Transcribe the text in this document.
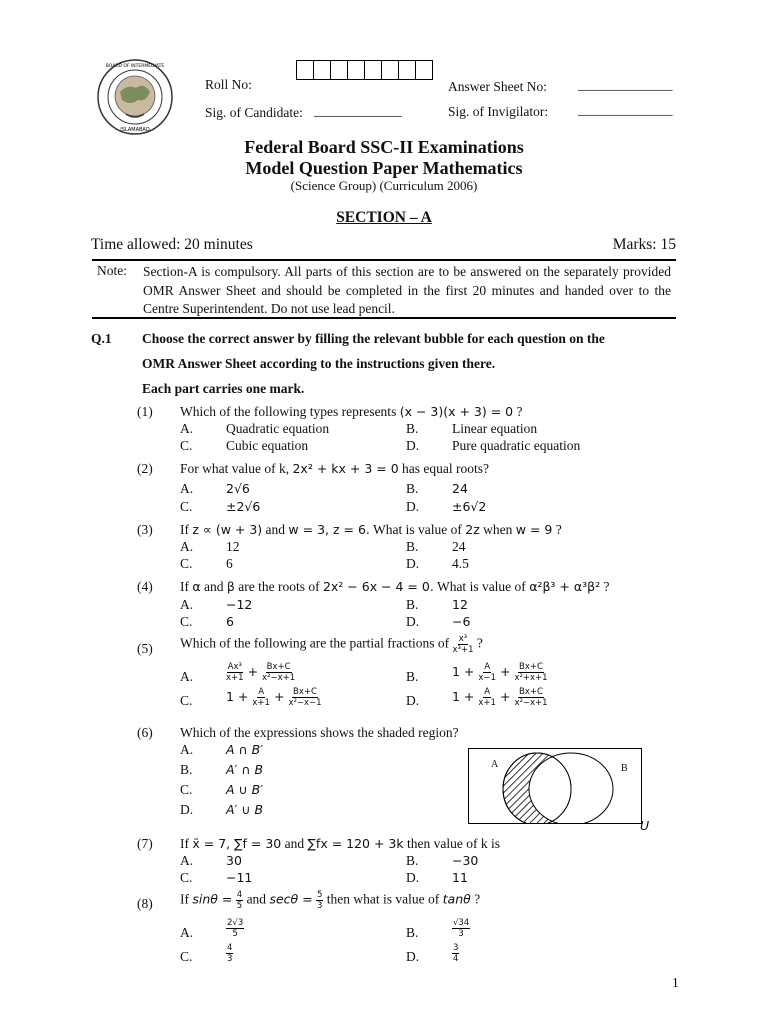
BOARD OF INTERMEDIATE
ISLAMABAD
Roll No:
Sig. of Candidate: _____________
Answer Sheet No: ______________
Sig. of Invigilator: ______________
Federal Board SSC-II Examinations
Model Question Paper Mathematics
(Science Group) (Curriculum 2006)
SECTION – A
Time allowed: 20 minutes	Marks: 15
Note: Section-A is compulsory. All parts of this section are to be answered on the separately provided OMR Answer Sheet and should be completed in the first 20 minutes and handed over to the Centre Superintendent. Do not use lead pencil.
Q.1 Choose the correct answer by filling the relevant bubble for each question on the
OMR Answer Sheet according to the instructions given there.
Each part carries one mark.
(1) Which of the following types represents (x − 3)(x + 3) = 0 ?
A. Quadratic equation	B. Linear equation
C. Cubic equation	D. Pure quadratic equation
(2) For what value of k, 2x² + kx + 3 = 0 has equal roots?
A.	2√6	B.	24
C.	±2√6	D.	±6√2
(3) If z ∝ (w + 3) and w = 3, z = 6. What is value of 2z when w = 9 ?
A. 12	B. 24
C. 6	D. 4.5
(4) If α and β are the roots of 2x² − 6x − 4 = 0. What is value of α²β³ + α³β² ?
A.	−12	B.	12
C.	6	D.	−6
(5) Which of the following are the partial fractions of $\frac{\text{x³}}{\text{x³+1}}$ ?
A.	$\frac{\text{Ax³}}{x+1} + \frac{Bx+C}{\text{x²−x+1}}$	B.	$1 + \frac{A}{x-1} + \frac{Bx+C}{\text{x²+x+1}}$
C.	$1 + \frac{A}{x+1} + \frac{Bx+C}{\text{x²−x−1}}$	D.	$1 + \frac{A}{x+1} + \frac{Bx+C}{\text{x²−x+1}}$
(6) Which of the expressions shows the shaded region?
A.	A ∩ B′
B.	A′ ∩ B
C.	A ∪ B′
D.	A′ ∪ B
A	B
U
(7) If x̄ = 7, ∑f = 30 and ∑fx = 120 + 3k then value of k is
A.	30	B.	−30
C.	−11	D.	11
(8) If $\sin\theta = \frac{4}{5}$ and $\sec\theta = \frac{5}{3}$ then what is value of tanθ ?
A.	$\frac{2√3}{5}$	B.	$\frac{√34}{3}$
C.	$\frac{4}{3}$	D.	$\frac{3}{4}$
1
